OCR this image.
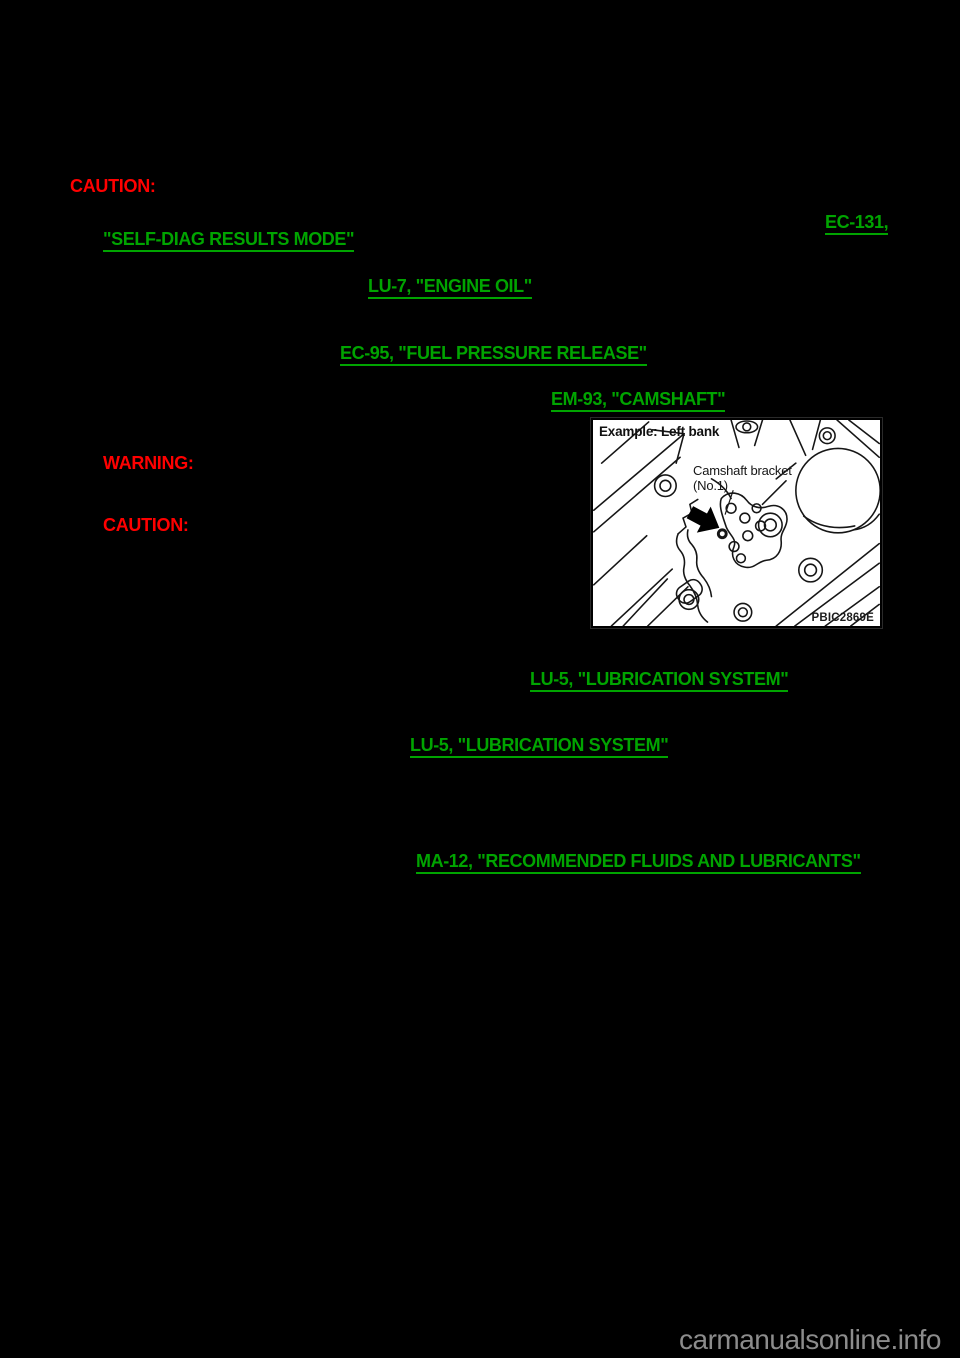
CAUTION:
EC-131,
"SELF-DIAG RESULTS MODE"
LU-7, "ENGINE OIL"
EC-95, "FUEL PRESSURE RELEASE"
EM-93, "CAMSHAFT"
WARNING:
CAUTION:
Example: Left bank
Camshaft bracket
(No.1)
PBIC2869E
LU-5, "LUBRICATION SYSTEM"
LU-5, "LUBRICATION SYSTEM"
MA-12, "RECOMMENDED FLUIDS AND LUBRICANTS"
carmanualsonline.info
